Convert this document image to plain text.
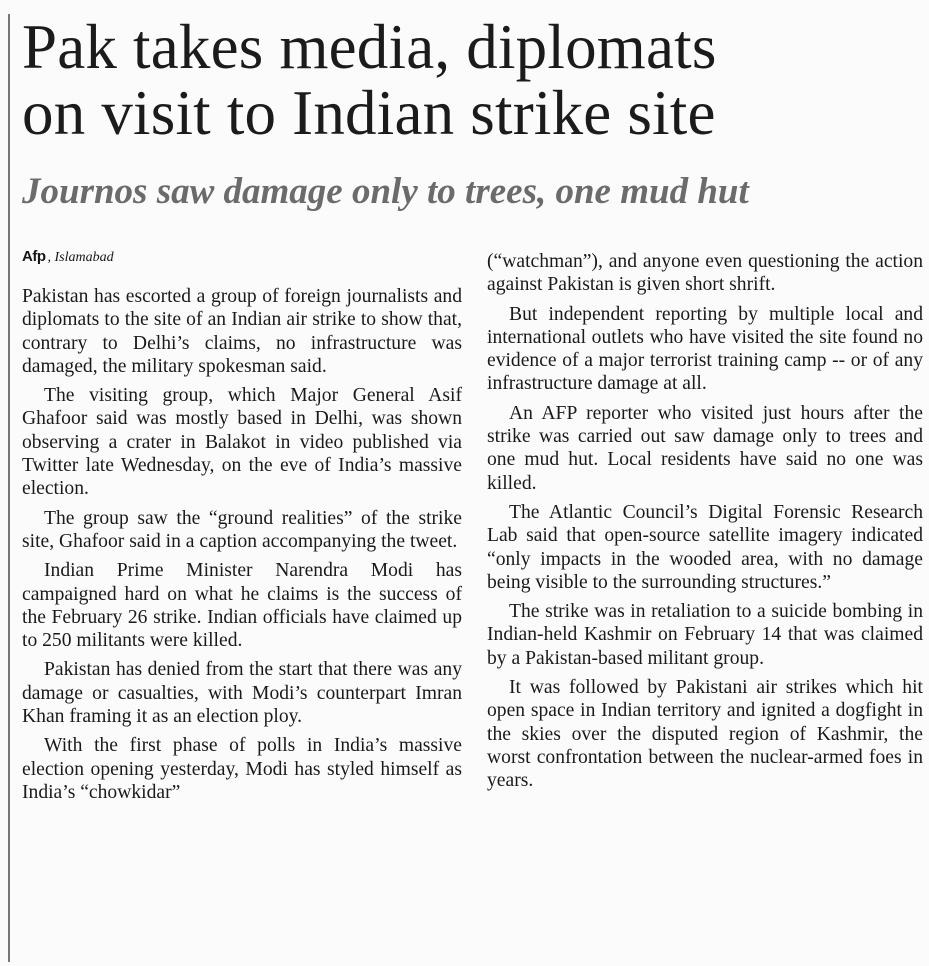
Pak takes media, diplomats
on visit to Indian strike site
Journos saw damage only to trees, one mud hut
Afp , Islamabad

Pakistan has escorted a group of foreign journalists and diplomats to the site of an Indian air strike to show that, contrary to Delhi’s claims, no infrastructure was damaged, the military spokesman said.

The visiting group, which Major General Asif Ghafoor said was mostly based in Delhi, was shown observing a crater in Balakot in video published via Twitter late Wednesday, on the eve of India’s massive election.

The group saw the “ground realities” of the strike site, Ghafoor said in a caption accompanying the tweet.

Indian Prime Minister Narendra Modi has campaigned hard on what he claims is the success of the February 26 strike. Indian officials have claimed up to 250 militants were killed.

Pakistan has denied from the start that there was any damage or casualties, with Modi’s counterpart Imran Khan framing it as an election ploy.

With the first phase of polls in India’s massive election opening yesterday, Modi has styled himself as India’s “chowkidar”

(“watchman”), and anyone even questioning the action against Pakistan is given short shrift.

But independent reporting by multiple local and international outlets who have visited the site found no evidence of a major terrorist training camp -- or of any infrastructure damage at all.

An AFP reporter who visited just hours after the strike was carried out saw damage only to trees and one mud hut. Local residents have said no one was killed.

The Atlantic Council’s Digital Forensic Research Lab said that open-source satellite imagery indicated “only impacts in the wooded area, with no damage being visible to the surrounding structures.”

The strike was in retaliation to a suicide bombing in Indian-held Kashmir on February 14 that was claimed by a Pakistan-based militant group.

It was followed by Pakistani air strikes which hit open space in Indian territory and ignited a dogfight in the skies over the disputed region of Kashmir, the worst confrontation between the nuclear-armed foes in years.
